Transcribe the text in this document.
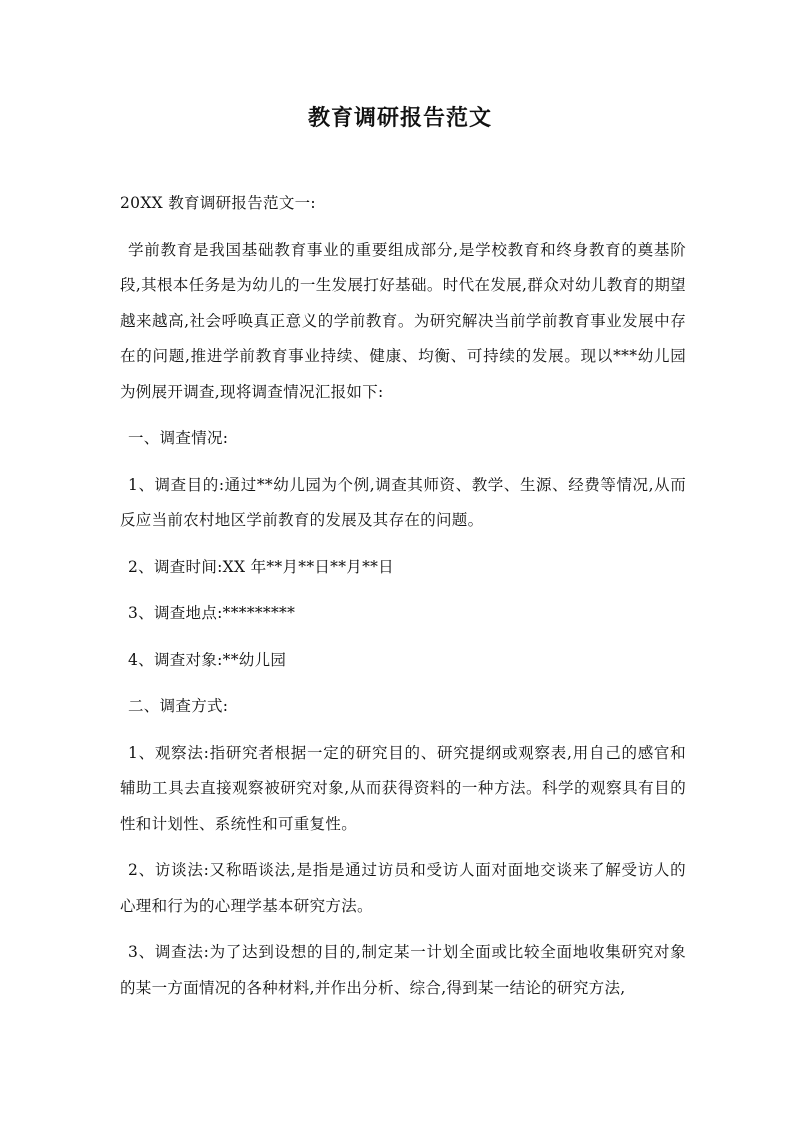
教育调研报告范文

20XX 教育调研报告范文一:

学前教育是我国基础教育事业的重要组成部分,是学校教育和终身教育的奠基阶段,其根本任务是为幼儿的一生发展打好基础。时代在发展,群众对幼儿教育的期望越来越高,社会呼唤真正意义的学前教育。为研究解决当前学前教育事业发展中存在的问题,推进学前教育事业持续、健康、均衡、可持续的发展。现以***幼儿园为例展开调查,现将调查情况汇报如下:

一、调查情况:

1、调查目的:通过**幼儿园为个例,调查其师资、教学、生源、经费等情况,从而反应当前农村地区学前教育的发展及其存在的问题。

2、调查时间:XX 年**月**日**月**日

3、调查地点:*********

4、调查对象:**幼儿园

二、调查方式:

1、观察法:指研究者根据一定的研究目的、研究提纲或观察表,用自己的感官和辅助工具去直接观察被研究对象,从而获得资料的一种方法。科学的观察具有目的性和计划性、系统性和可重复性。

2、访谈法:又称晤谈法,是指是通过访员和受访人面对面地交谈来了解受访人的心理和行为的心理学基本研究方法。

3、调查法:为了达到设想的目的,制定某一计划全面或比较全面地收集研究对象的某一方面情况的各种材料,并作出分析、综合,得到某一结论的研究方法,
